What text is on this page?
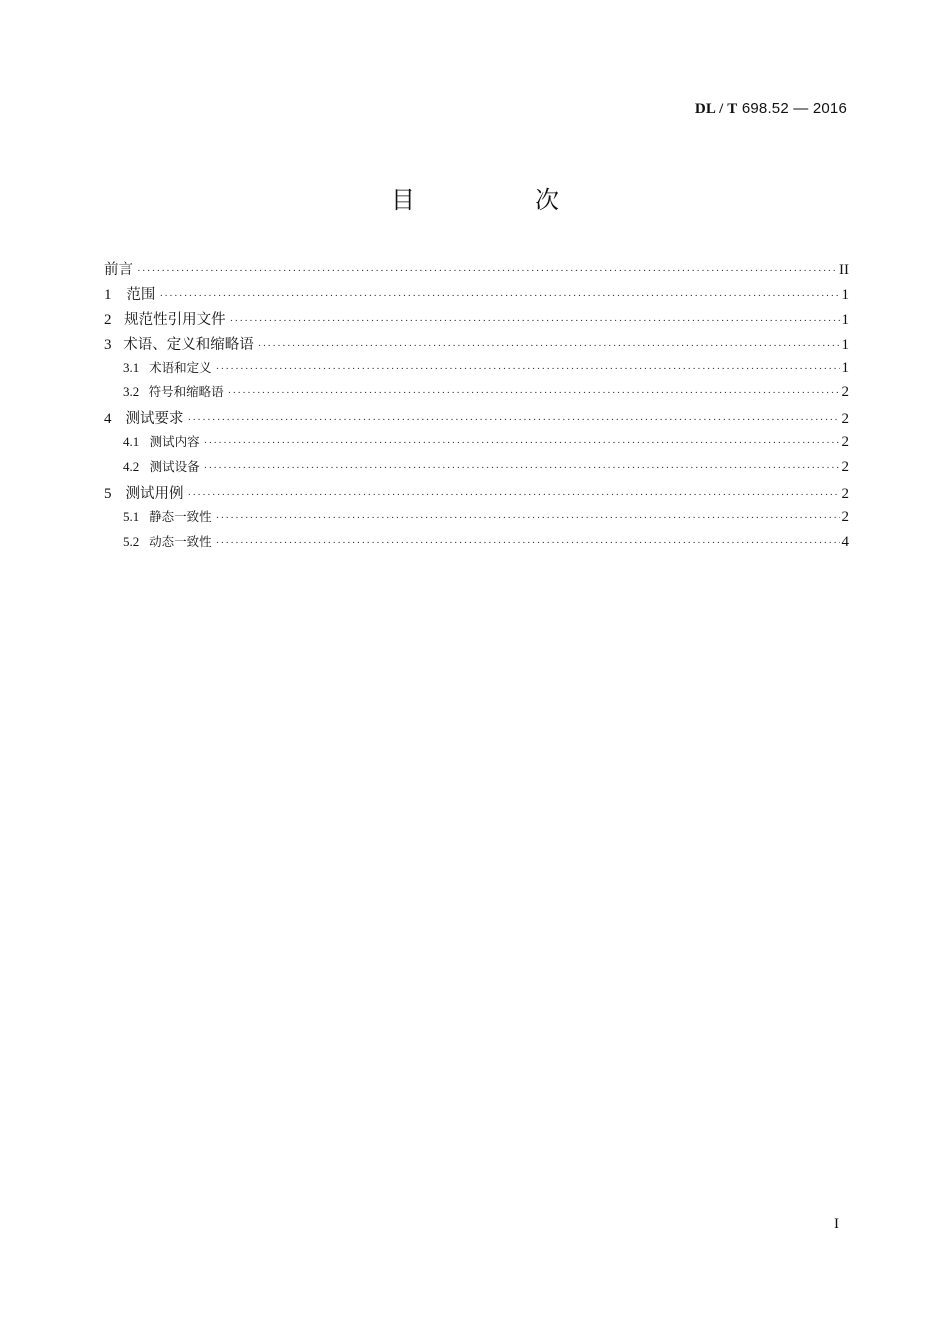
DL / T 698.52 — 2016
目　次
前言 ·····	II
1	范围 ·····	1
2 规范性引用文件 ·····	1
3 术语、定义和缩略语 ·····	1
3.1 术语和定义 ·····	1
3.2 符号和缩略语 ·····	2
4 测试要求 ·····	2
4.1 测试内容 ·····	2
4.2 测试设备 ·····	2
5 测试用例 ·····	2
5.1 静态一致性 ·····	2
5.2 动态一致性 ·····	4
I
